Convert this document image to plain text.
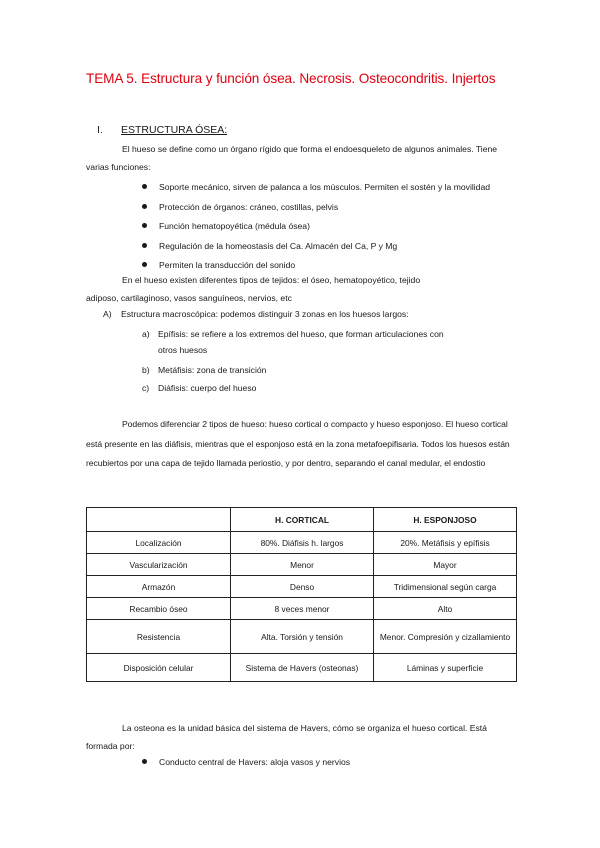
TEMA 5. Estructura y función ósea. Necrosis. Osteocondritis. Injertos
I. ESTRUCTURA ÓSEA:

El hueso se define como un órgano rígido que forma el endoesqueleto de algunos animales. Tiene varias funciones:

Soporte mecánico, sirven de palanca a los músculos. Permiten el sostén y la movilidad
Protección de órganos: cráneo, costillas, pelvis
Función hematopoyética (médula ósea)
Regulación de la homeostasis del Ca. Almacén del Ca, P y Mg
Permiten la transducción del sonido

En el hueso existen diferentes tipos de tejidos: el óseo, hematopoyético, tejido adiposo, cartilaginoso, vasos sanguíneos, nervios, etc

A) Estructura macroscópica: podemos distinguir 3 zonas en los huesos largos:
a) Epífisis: se refiere a los extremos del hueso, que forman articulaciones con
otros huesos
b) Metáfisis: zona de transición
c) Diáfisis: cuerpo del hueso

Podemos diferenciar 2 tipos de hueso: hueso cortical o compacto y hueso esponjoso. El hueso cortical está presente en las diáfisis, mientras que el esponjoso está en la zona metafoepifisaria. Todos los huesos están recubiertos por una capa de tejido llamada periostio, y por dentro, separando el canal medular, el endostio

	H. CORTICAL	H. ESPONJOSO
Localización	80%. Diáfisis h. largos	20%. Metáfisis y epífisis
Vascularización	Menor	Mayor
Armazón	Denso	Tridimensional según carga
Recambio óseo	8 veces menor	Alto
Resistencia	Alta. Torsión y tensión	Menor. Compresión y cizallamiento
Disposición celular	Sistema de Havers (osteonas)	Láminas y superficie

La osteona es la unidad básica del sistema de Havers, cómo se organiza el hueso cortical. Está formada por:

Conducto central de Havers: aloja vasos y nervios
